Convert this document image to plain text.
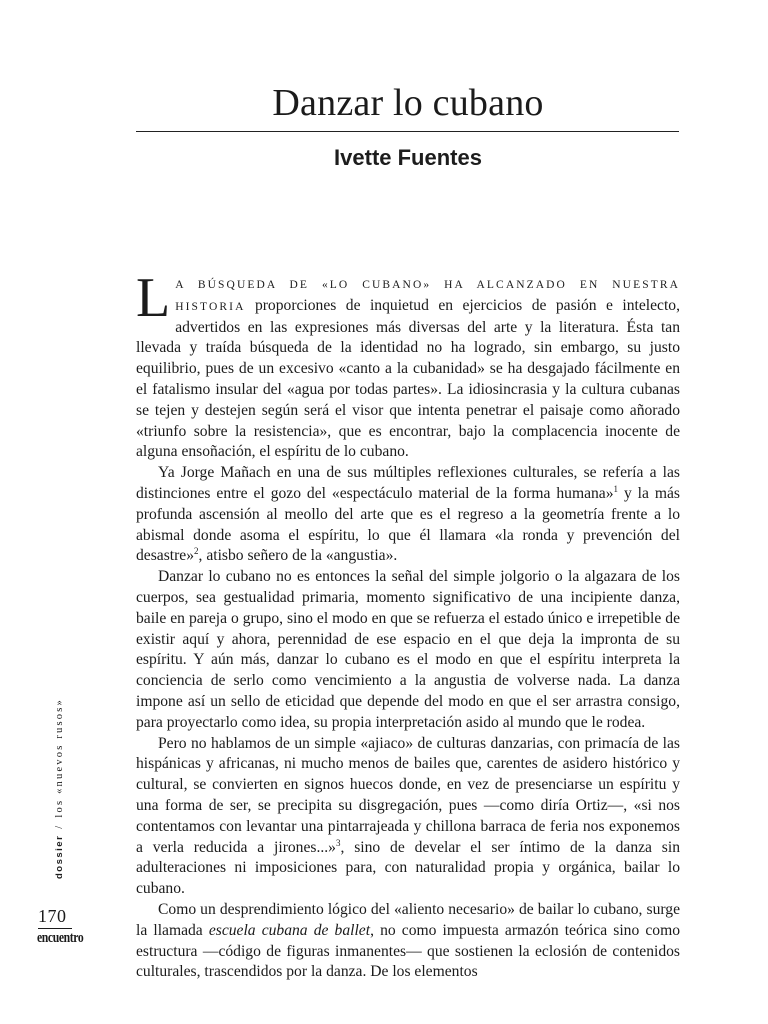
Danzar lo cubano
Ivette Fuentes

LA BÚSQUEDA DE «LO CUBANO» HA ALCANZADO EN NUESTRA HISTORIA proporciones de inquietud en ejercicios de pasión e intelecto, advertidos en las expresiones más diversas del arte y la literatura. Ésta tan llevada y traída búsqueda de la identidad no ha logrado, sin embargo, su justo equilibrio, pues de un excesivo «canto a la cubanidad» se ha desgajado fácilmente en el fatalismo insular del «agua por todas partes». La idiosincrasia y la cultura cubanas se tejen y destejen según será el visor que intenta penetrar el paisaje como añorado «triunfo sobre la resistencia», que es encontrar, bajo la complacencia inocente de alguna ensoñación, el espíritu de lo cubano.

Ya Jorge Mañach en una de sus múltiples reflexiones culturales, se refería a las distinciones entre el gozo del «espectáculo material de la forma humana»$^1$ y la más profunda ascensión al meollo del arte que es el regreso a la geometría frente a lo abismal donde asoma el espíritu, lo que él llamara «la ronda y prevención del desastre»$^2$, atisbo señero de la «angustia».

Danzar lo cubano no es entonces la señal del simple jolgorio o la algazara de los cuerpos, sea gestualidad primaria, momento significativo de una incipiente danza, baile en pareja o grupo, sino el modo en que se refuerza el estado único e irrepetible de existir aquí y ahora, perennidad de ese espacio en el que deja la impronta de su espíritu. Y aún más, danzar lo cubano es el modo en que el espíritu interpreta la conciencia de serlo como vencimiento a la angustia de volverse nada. La danza impone así un sello de eticidad que depende del modo en que el ser arrastra consigo, para proyectarlo como idea, su propia interpretación asido al mundo que le rodea.

Pero no hablamos de un simple «ajiaco» de culturas danzarias, con primacía de las hispánicas y africanas, ni mucho menos de bailes que, carentes de asidero histórico y cultural, se convierten en signos huecos donde, en vez de presenciarse un espíritu y una forma de ser, se precipita su disgregación, pues —como diría Ortiz—, «si nos contentamos con levantar una pintarrajeada y chillona barraca de feria nos exponemos a verla reducida a jirones...»$^3$, sino de develar el ser íntimo de la danza sin adulteraciones ni imposiciones para, con naturalidad propia y orgánica, bailar lo cubano.

Como un desprendimiento lógico del «aliento necesario» de bailar lo cubano, surge la llamada escuela cubana de ballet, no como impuesta armazón teórica sino como estructura —código de figuras inmanentes— que sostienen la eclosión de contenidos culturales, trascendidos por la danza. De los elementos

dossier/los «nuevos rusos»
170
encuentro
